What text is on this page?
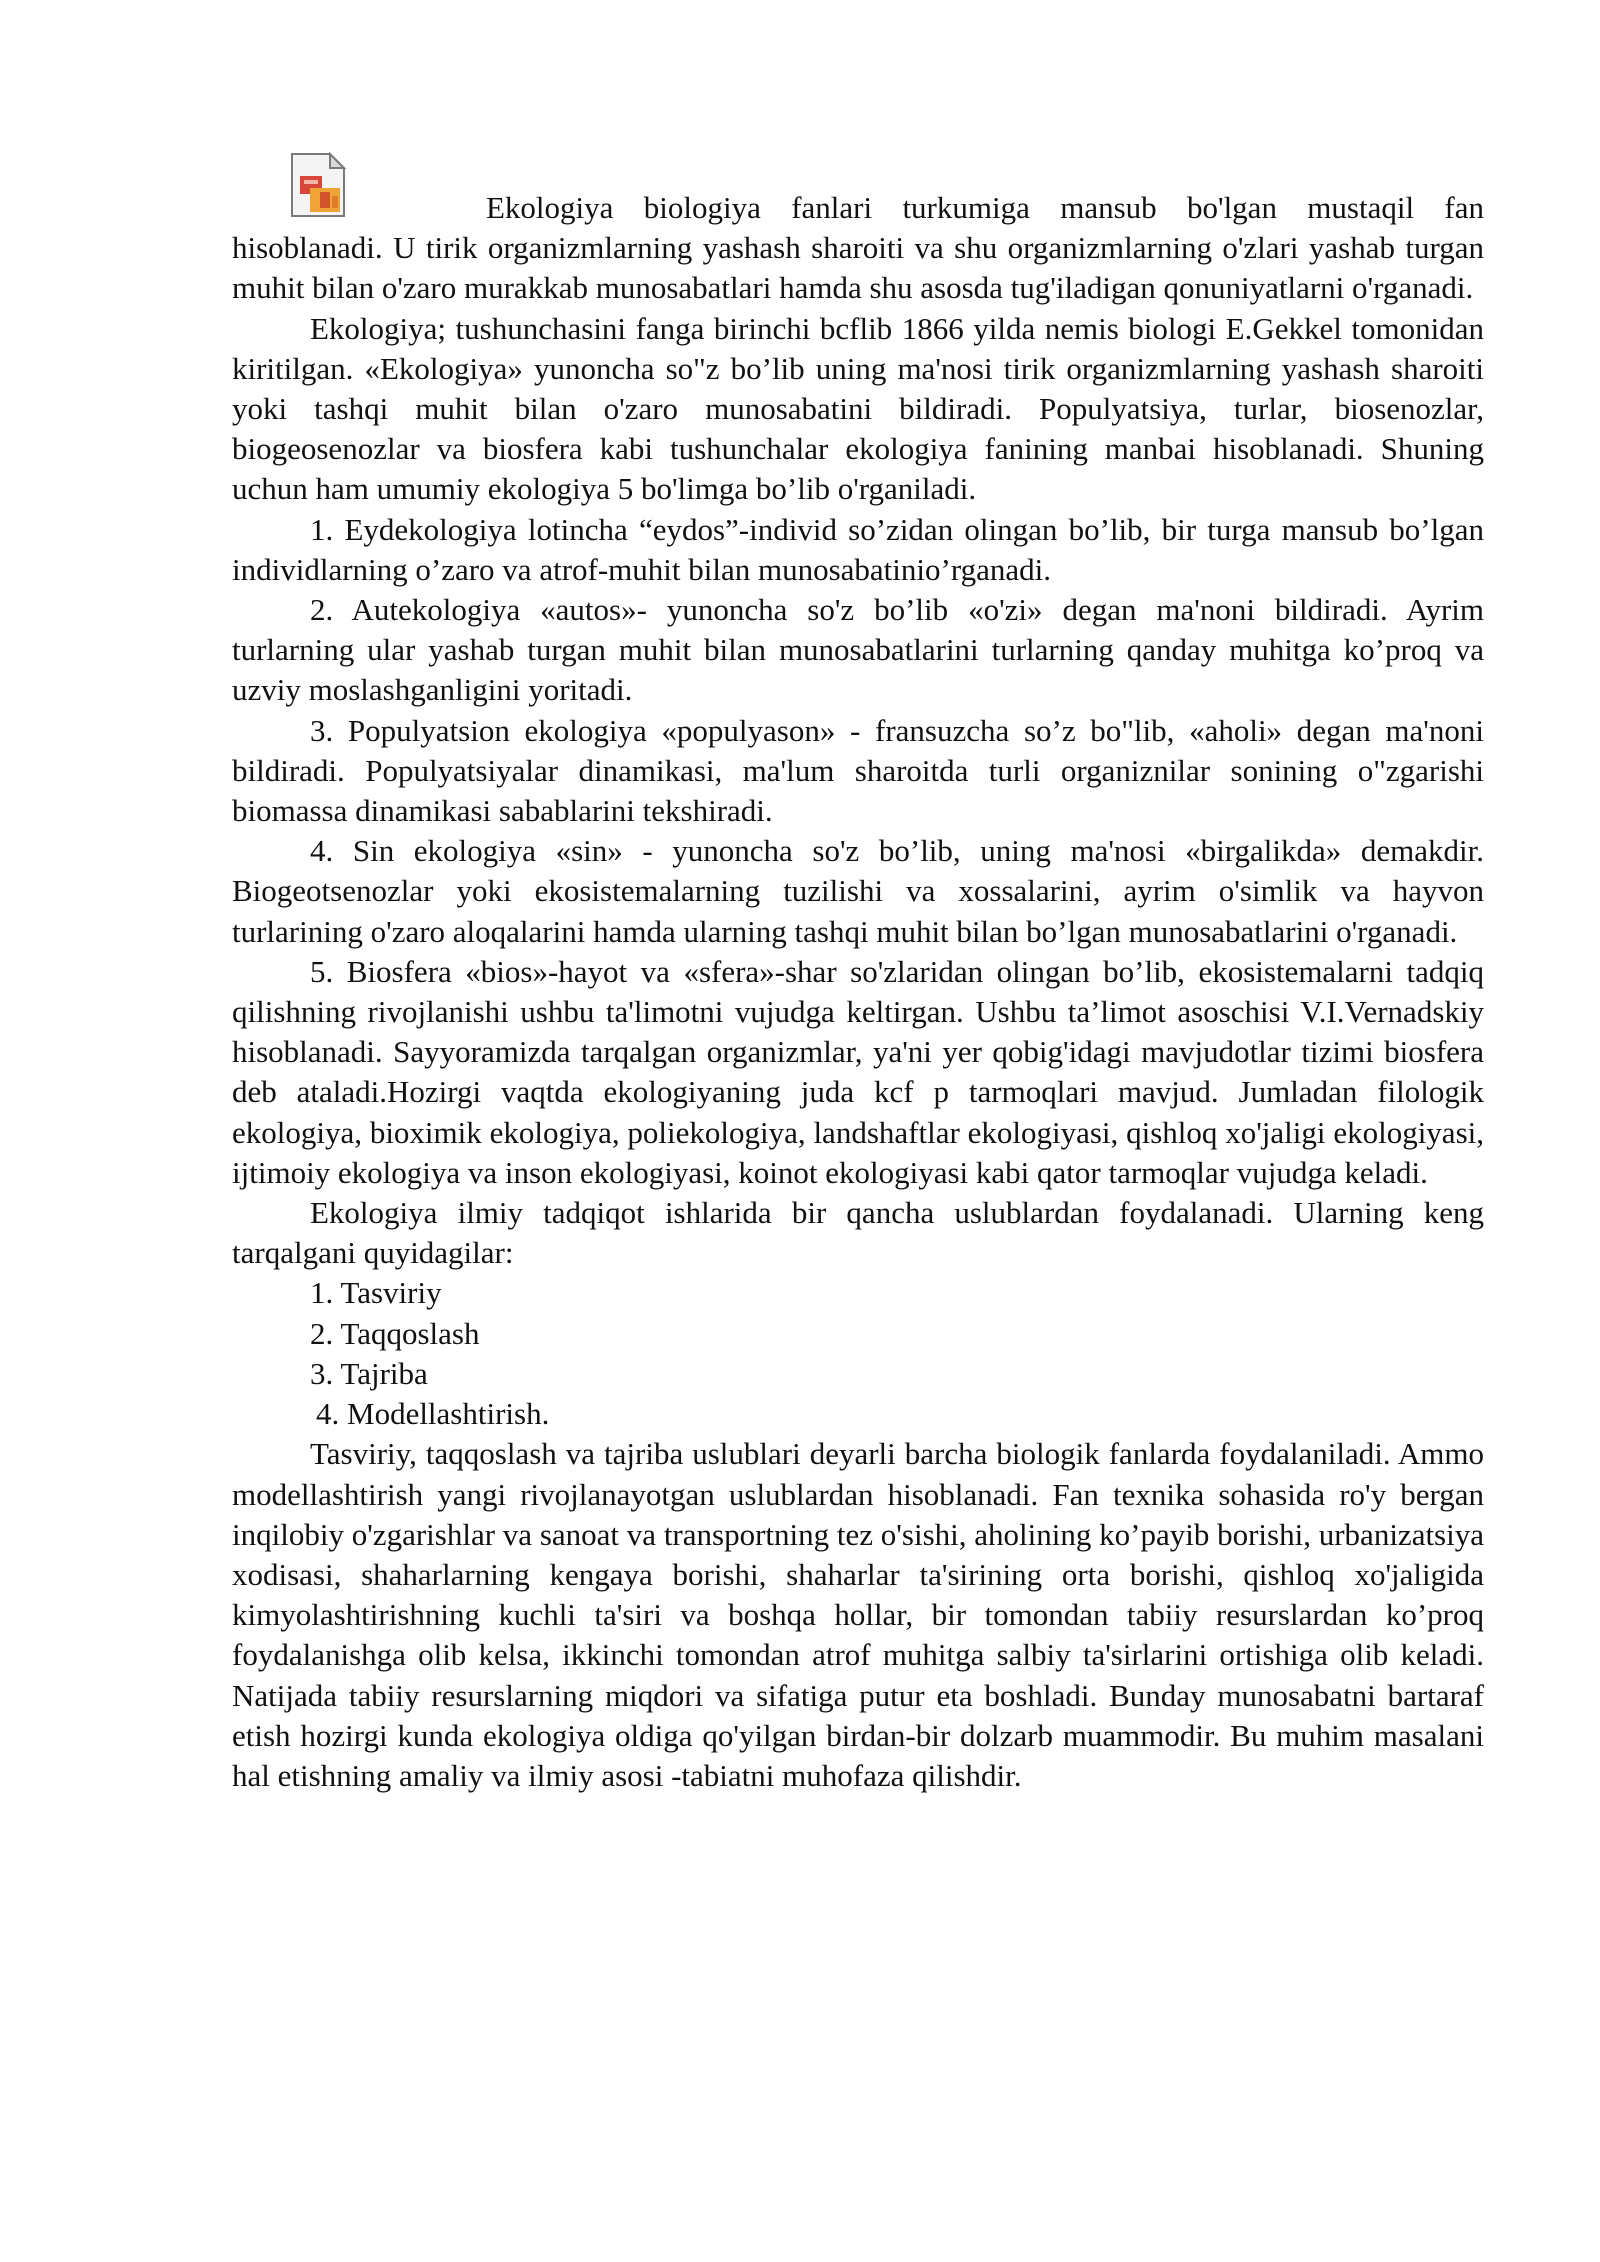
Ekologiya biologiya fanlari turkumiga mansub bo'lgan mustaqil fan hisoblanadi. U tirik organizmlarning yashash sharoiti va shu organizmlarning o'zlari yashab turgan muhit bilan o'zaro murakkab munosabatlari hamda shu asosda tug'iladigan qonuniyatlarni o'rganadi.

Ekologiya; tushunchasini fanga birinchi bcflib 1866 yilda nemis biologi E.Gekkel tomonidan kiritilgan. «Ekologiya» yunoncha so"z bo’lib uning ma'nosi tirik organizmlarning yashash sharoiti yoki tashqi muhit bilan o'zaro munosabatini bildiradi. Populyatsiya, turlar, biosenozlar, biogeosenozlar va biosfera kabi tushunchalar ekologiya fanining manbai hisoblanadi. Shuning uchun ham umumiy ekologiya 5 bo'limga bo’lib o'rganiladi.

1. Eydekologiya lotincha “eydos”-individ so’zidan olingan bo’lib, bir turga mansub bo’lgan individlarning o’zaro va atrof-muhit bilan munosabatinio’rganadi.

2. Autekologiya «autos»- yunoncha so'z bo’lib «o'zi» degan ma'noni bildiradi. Ayrim turlarning ular yashab turgan muhit bilan munosabatlarini turlarning qanday muhitga ko’proq va uzviy moslashganligini yoritadi.

3. Populyatsion ekologiya «populyason» - fransuzcha so’z bo"lib, «aholi» degan ma'noni bildiradi. Populyatsiyalar dinamikasi, ma'lum sharoitda turli organiznilar sonining o"zgarishi biomassa dinamikasi sabablarini tekshiradi.

4. Sin ekologiya «sin» - yunoncha so'z bo’lib, uning ma'nosi «birgalikda» demakdir. Biogeotsenozlar yoki ekosistemalarning tuzilishi va xossalarini, ayrim o'simlik va hayvon turlarining o'zaro aloqalarini hamda ularning tashqi muhit bilan bo’lgan munosabatlarini o'rganadi.

5. Biosfera «bios»-hayot va «sfera»-shar so'zlaridan olingan bo’lib, ekosistemalarni tadqiq qilishning rivojlanishi ushbu ta'limotni vujudga keltirgan. Ushbu ta’limot asoschisi V.I.Vernadskiy hisoblanadi. Sayyoramizda tarqalgan organizmlar, ya'ni yer qobig'idagi mavjudotlar tizimi biosfera deb ataladi.Hozirgi vaqtda ekologiyaning juda kcf p tarmoqlari mavjud. Jumladan filologik ekologiya, bioximik ekologiya, poliekologiya, landshaftlar ekologiyasi, qishloq xo'jaligi ekologiyasi, ijtimoiy ekologiya va inson ekologiyasi, koinot ekologiyasi kabi qator tarmoqlar vujudga keladi.

Ekologiya ilmiy tadqiqot ishlarida bir qancha uslublardan foydalanadi. Ularning keng tarqalgani quyidagilar:

1. Tasviriy

2. Taqqoslash

3. Tajriba

4. Modellashtirish.

Tasviriy, taqqoslash va tajriba uslublari deyarli barcha biologik fanlarda foydalaniladi. Ammo modellashtirish yangi rivojlanayotgan uslublardan hisoblanadi. Fan texnika sohasida ro'y bergan inqilobiy o'zgarishlar va sanoat va transportning tez o'sishi, aholining ko’payib borishi, urbanizatsiya xodisasi, shaharlarning kengaya borishi, shaharlar ta'sirining orta borishi, qishloq xo'jaligida kimyolashtirishning kuchli ta'siri va boshqa hollar, bir tomondan tabiiy resurslardan ko’proq foydalanishga olib kelsa, ikkinchi tomondan atrof muhitga salbiy ta'sirlarini ortishiga olib keladi. Natijada tabiiy resurslarning miqdori va sifatiga putur eta boshladi. Bunday munosabatni bartaraf etish hozirgi kunda ekologiya oldiga qo'yilgan birdan-bir dolzarb muammodir. Bu muhim masalani hal etishning amaliy va ilmiy asosi -tabiatni muhofaza qilishdir.
